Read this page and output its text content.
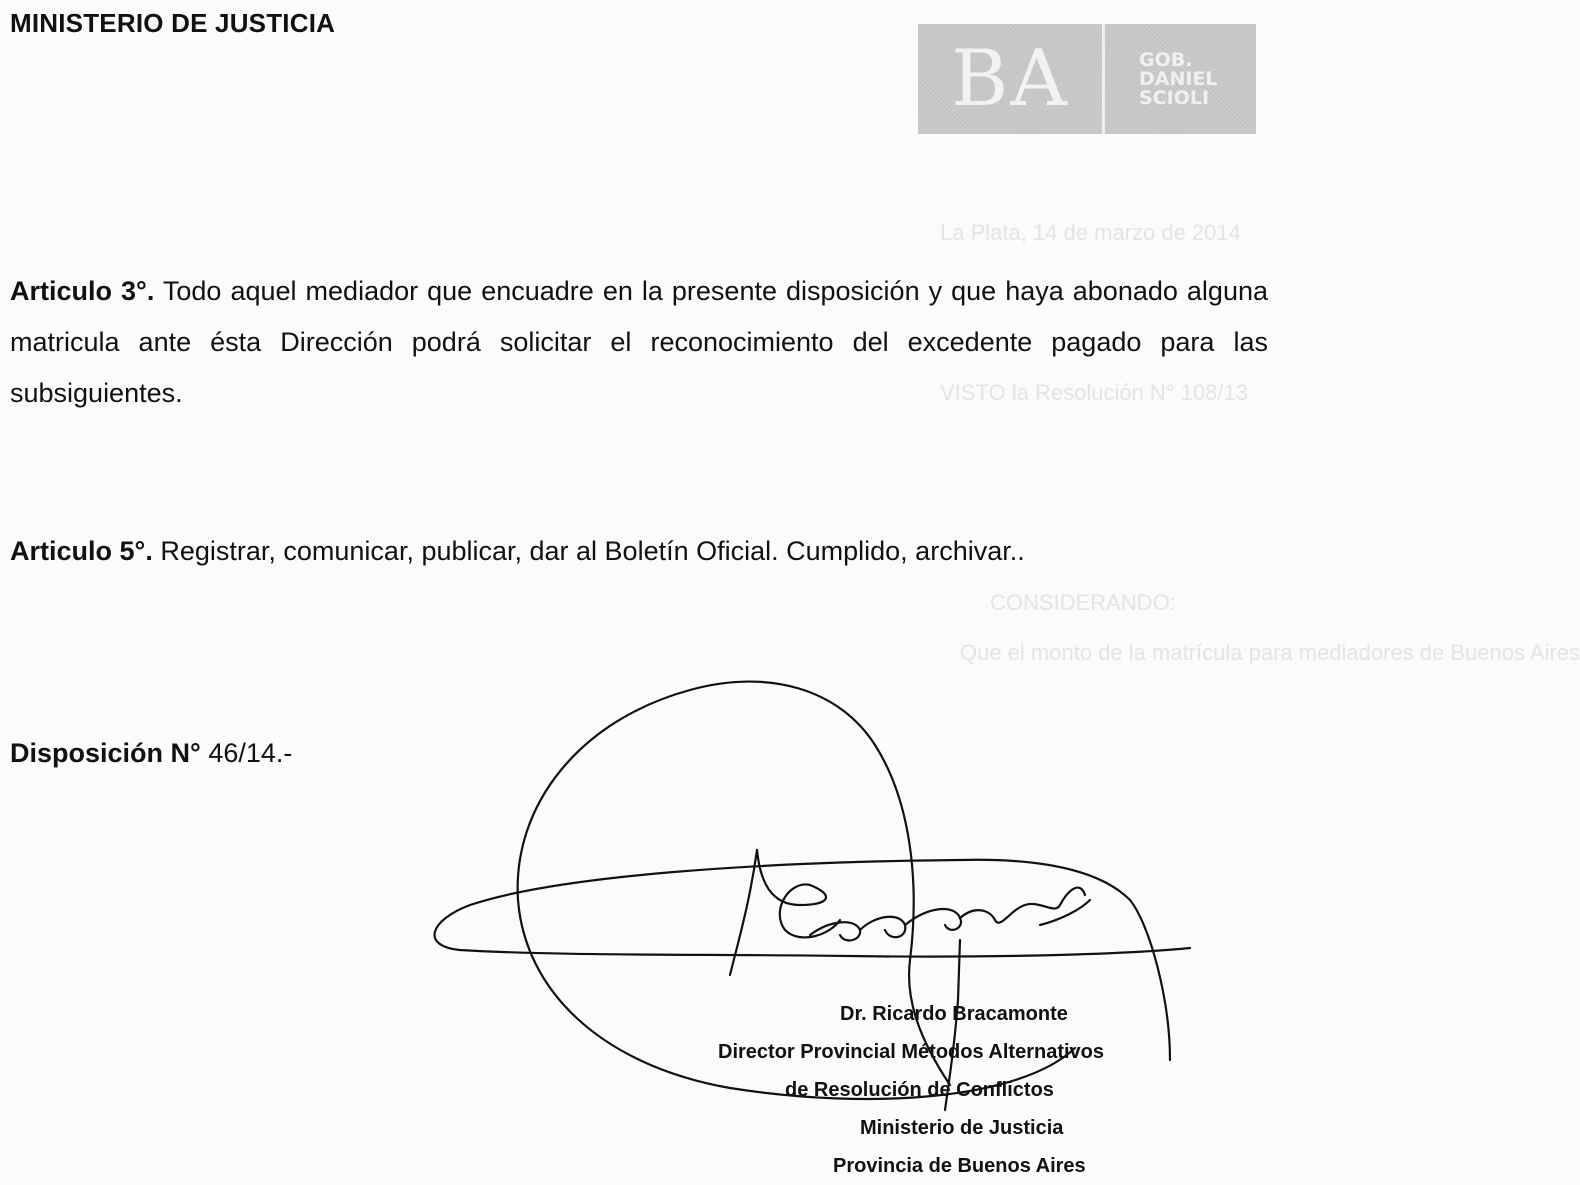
La Plata, 14 de marzo de 2014
VISTO la Resolución N° 108/13
CONSIDERANDO:
Que el monto de la matrícula para mediadores de Buenos Aires
MINISTERIO DE JUSTICIA
BA	GOB.
DANIEL
SCIOLI
Articulo 3°. Todo aquel mediador que encuadre en la presente disposición y que haya abonado alguna matricula ante ésta Dirección podrá solicitar el reconocimiento del excedente pagado para las subsiguientes.
Articulo 5°. Registrar, comunicar, publicar, dar al Boletín Oficial. Cumplido, archivar..
Disposición N° 46/14.-
Dr. Ricardo Bracamonte
Director Provincial Métodos Alternativos
de Resolución de Conflictos
Ministerio de Justicia
Provincia de Buenos Aires
